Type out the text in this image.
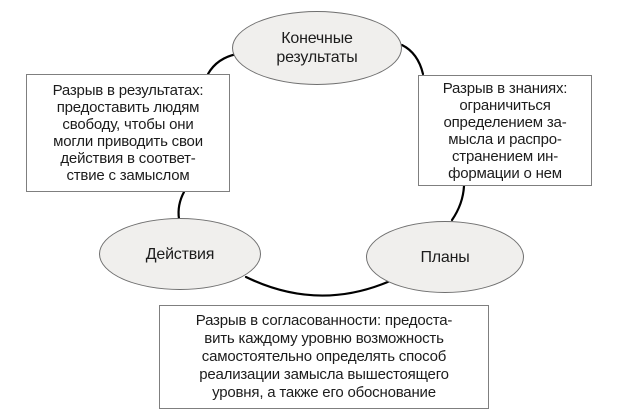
Конечные
результаты
Действия	Планы
Разрыв в результатах:
предоставить людям
свободу, чтобы они
могли приводить свои
действия в соответ-
ствие с замыслом
Разрыв в знаниях:
ограничиться
определением за-
мысла и распро-
странением ин-
формации о нем
Разрыв в согласованности: предоста-
вить каждому уровню возможность
самостоятельно определять способ
реализации замысла вышестоящего
уровня, а также его обоснование
